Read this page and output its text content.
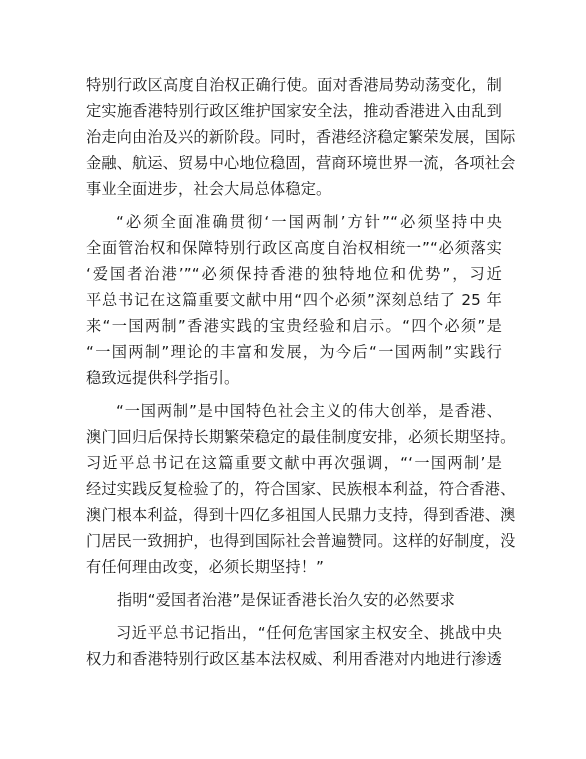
特别行政区高度自治权正确行使。面对香港局势动荡变化，制
定实施香港特别行政区维护国家安全法，推动香港进入由乱到
治走向由治及兴的新阶段。同时，香港经济稳定繁荣发展，国际
金融、航运、贸易中心地位稳固，营商环境世界一流，各项社会
事业全面进步，社会大局总体稳定。
“必须全面准确贯彻‘一国两制’方针”“必须坚持中央
全面管治权和保障特别行政区高度自治权相统一”“必须落实
‘爱国者治港’”“必须保持香港的独特地位和优势”，习近
平总书记在这篇重要文献中用“四个必须”深刻总结了 25 年
来“一国两制”香港实践的宝贵经验和启示。“四个必须”是
“一国两制”理论的丰富和发展，为今后“一国两制”实践行
稳致远提供科学指引。
“一国两制”是中国特色社会主义的伟大创举，是香港、
澳门回归后保持长期繁荣稳定的最佳制度安排，必须长期坚持。
习近平总书记在这篇重要文献中再次强调，“‘一国两制’是
经过实践反复检验了的，符合国家、民族根本利益，符合香港、
澳门根本利益，得到十四亿多祖国人民鼎力支持，得到香港、澳
门居民一致拥护，也得到国际社会普遍赞同。这样的好制度，没
有任何理由改变，必须长期坚持！”
指明“爱国者治港”是保证香港长治久安的必然要求
习近平总书记指出，“任何危害国家主权安全、挑战中央
权力和香港特别行政区基本法权威、利用香港对内地进行渗透
